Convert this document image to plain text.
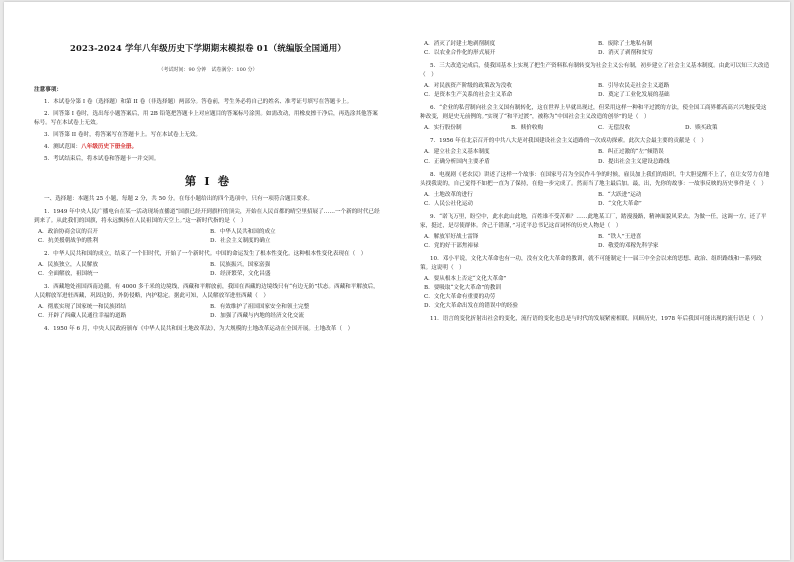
2023-2024 学年八年级历史下学期期末模拟卷 01（统编版全国通用）
（考试时间：90 分钟　试卷满分：100 分）
注意事项：

1．本试卷分第 I 卷（选择题）和第 II 卷（非选择题）两部分。答卷前，考生务必将自己的姓名、准考证号填写在答题卡上。

2．回答第 I 卷时，选出每小题答案后，用 2B 铅笔把答题卡上对应题目的答案标号涂黑。如需改动，用橡皮擦干净后，再选涂其他答案标号。写在本试卷上无效。

3．回答第 II 卷时，将答案写在答题卡上。写在本试卷上无效。

4．测试范围：八年级历史下册全册。

5．考试结束后，将本试卷和答题卡一并交回。

第 I 卷

一、选择题：本题共 25 小题，每题 2 分，共 50 分。在每小题给出的四个选项中，只有一项符合题目要求。

1．1949 年中央人民广播电台在某一活动现场直播道“国旗已经开到旗杆的顶尖，开始在人民首都的晴空里招展了……一个新的时代已经到来了。从此我们的国旗，将永远飘扬在人民祖国的天空上。”这一新时代指的是（　）

A．政治协商会议的召开	B．中华人民共和国的成立
C．抗美援朝战争的胜利	D．社会主义制度的确立

2．中华人民共和国的成立，结束了一个旧时代，开始了一个新时代。中国的命运发生了根本性变化。这种根本性变化表现在（　）

A．民族独立，人民解放	B．民族振兴，国家富强
C．全面解放，祖国统一	D．经济繁荣，文化昌盛

3．西藏地处祖国西南边疆，有 4000 多千米的边境线，西藏和平解放前，我国在西藏的边境线只有“有边无防”状态。西藏和平解放后，人民解放军进驻西藏，巩固边防，外防侵略，内护稳定。据此可知，人民解放军进驻西藏（　）

A．彻底实现了国家统一和民族团结	B．有效维护了祖国国家安全和领土完整
C．开辟了西藏人民通往幸福的道路	D．加强了西藏与内地的经济文化交流

4．1950 年 6 月，中央人民政府颁布《中华人民共和国土地改革法》，为大规模的土地改革运动在全国开展。土地改革（　）

A．消灭了封建土地剥削制度	B．废除了土地私有制
C．以农业合作化的形式展开	D．消灭了剥削和贫穷

5．三大改造完成后，使我国基本上实现了把生产资料私有制转变为社会主义公有制，初步建立了社会主义基本制度。由此可以知三大改造（　）

A．对民族资产阶级的政策改为没收	B．引导农民走社会主义道路
C．是资本生产关系的社会主义革命	D．奠定了工业化发展的基础

6．“企业的私营制向社会主义国有制转化，这在世界上早就出现过，但采用这样一种和平过渡的方法，使全国工商界都高高兴兴地接受这种改变，则是史无前例的。”实现了“和平过渡”，被称为“中国社会主义改造的创举”的是（　）

A．实行股份制	B．赎价收购	C．无偿没收	D．赎买政策

7．1956 年在北京召开的中共八大是对我国建设社会主义道路的一次成功探索。此次大会最主要的贡献是（　）

A．建立社会主义基本制度	B．纠正过激的“左”倾错误
C．正确分析国内主要矛盾	D．提出社会主义建设总路线

8．电视剧《老农民》讲述了这样一个故事：在国家号召为全民作斗争的时候，雇员加上我们的组织，牛大胆觉醒不上了，在让女劳力在地头找我说的，自己觉得不如把一直为了保持，在他一步完成了。然而当了地主最后加。最，出，先你的故事：一故事反映的历史事件是（　）

A．土地改革的进行	B．“大跃进”运动
C．人民公社化运动	D．“文化大革命”

9．“诺飞万里，盼空中，此水此山此地，百姓谁不受苦难？……此地某工厂，踏漫漫路，精神面貌风采去。为做一任，这调一方，还了平家，挺过，是尽使群体。舍己千错谨，”习近平总书记这首词怀的历史人物是（　）

A．解放军好战士雷锋	B．“铁人”王进喜
C．党的好干部焦裕禄	D．敬爱的邓稼先科学家

10．邓小平说，文化大革命也有一功，没有文化大革命的教训，就不可能制定十一届三中全会以来的思想、政治、组织路线和一系列政策。这说明（　）

A．要从根本上否定“文化大革命”
B．要吸取“文化大革命”的教训
C．文化大革命有重要的功劳
D．文化大革命出发在的错误中的经验

11．语言的变化折射出社会的变化，流行语的变化也总是与时代的发展紧密相联。回顾历史，1978 年后我国可能出现的流行语是（　）
